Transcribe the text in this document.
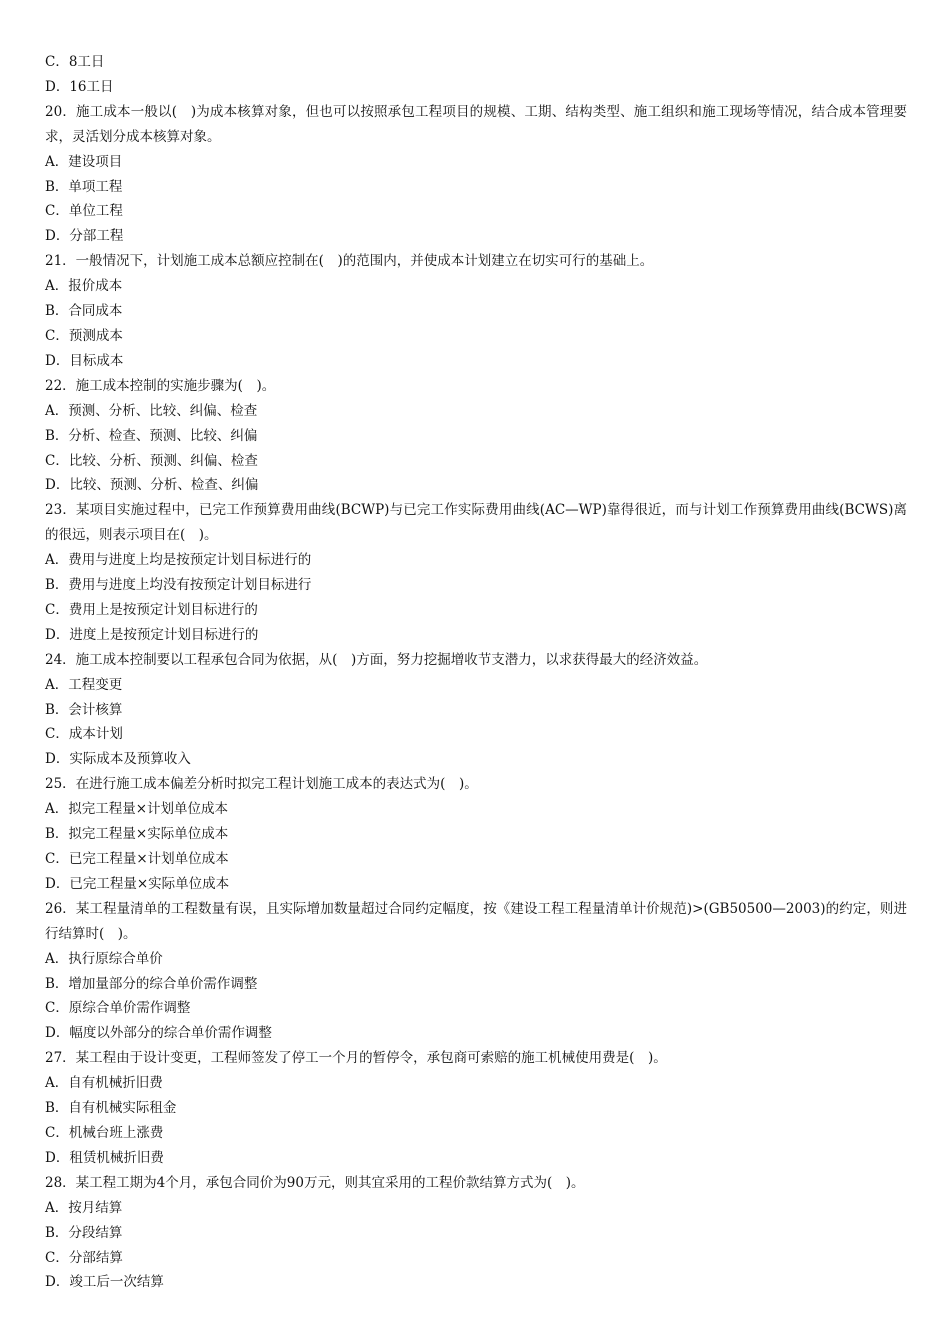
C．8工日
D．16工日
20．施工成本一般以(　)为成本核算对象，但也可以按照承包工程项目的规模、工期、结构类型、施工组织和施工现场等情况，结合成本管理要求，灵活划分成本核算对象。
A．建设项目
B．单项工程
C．单位工程
D．分部工程
21．一般情况下，计划施工成本总额应控制在(　)的范围内，并使成本计划建立在切实可行的基础上。
A．报价成本
B．合同成本
C．预测成本
D．目标成本
22．施工成本控制的实施步骤为(　)。
A．预测、分析、比较、纠偏、检查
B．分析、检查、预测、比较、纠偏
C．比较、分析、预测、纠偏、检查
D．比较、预测、分析、检查、纠偏
23．某项目实施过程中，已完工作预算费用曲线(BCWP)与已完工作实际费用曲线(AC—WP)靠得很近，而与计划工作预算费用曲线(BCWS)离的很远，则表示项目在(　)。
A．费用与进度上均是按预定计划目标进行的
B．费用与进度上均没有按预定计划目标进行
C．费用上是按预定计划目标进行的
D．进度上是按预定计划目标进行的
24．施工成本控制要以工程承包合同为依据，从(　)方面，努力挖掘增收节支潜力，以求获得最大的经济效益。
A．工程变更
B．会计核算
C．成本计划
D．实际成本及预算收入
25．在进行施工成本偏差分析时拟完工程计划施工成本的表达式为(　)。
A．拟完工程量×计划单位成本
B．拟完工程量×实际单位成本
C．已完工程量×计划单位成本
D．已完工程量×实际单位成本
26．某工程量清单的工程数量有误，且实际增加数量超过合同约定幅度，按《建设工程工程量清单计价规范)>(GB50500—2003)的约定，则进行结算时(　)。
A．执行原综合单价
B．增加量部分的综合单价需作调整
C．原综合单价需作调整
D．幅度以外部分的综合单价需作调整
27．某工程由于设计变更，工程师签发了停工一个月的暂停令，承包商可索赔的施工机械使用费是(　)。
A．自有机械折旧费
B．自有机械实际租金
C．机械台班上涨费
D．租赁机械折旧费
28．某工程工期为4个月，承包合同价为90万元，则其宜采用的工程价款结算方式为(　)。
A．按月结算
B．分段结算
C．分部结算
D．竣工后一次结算
